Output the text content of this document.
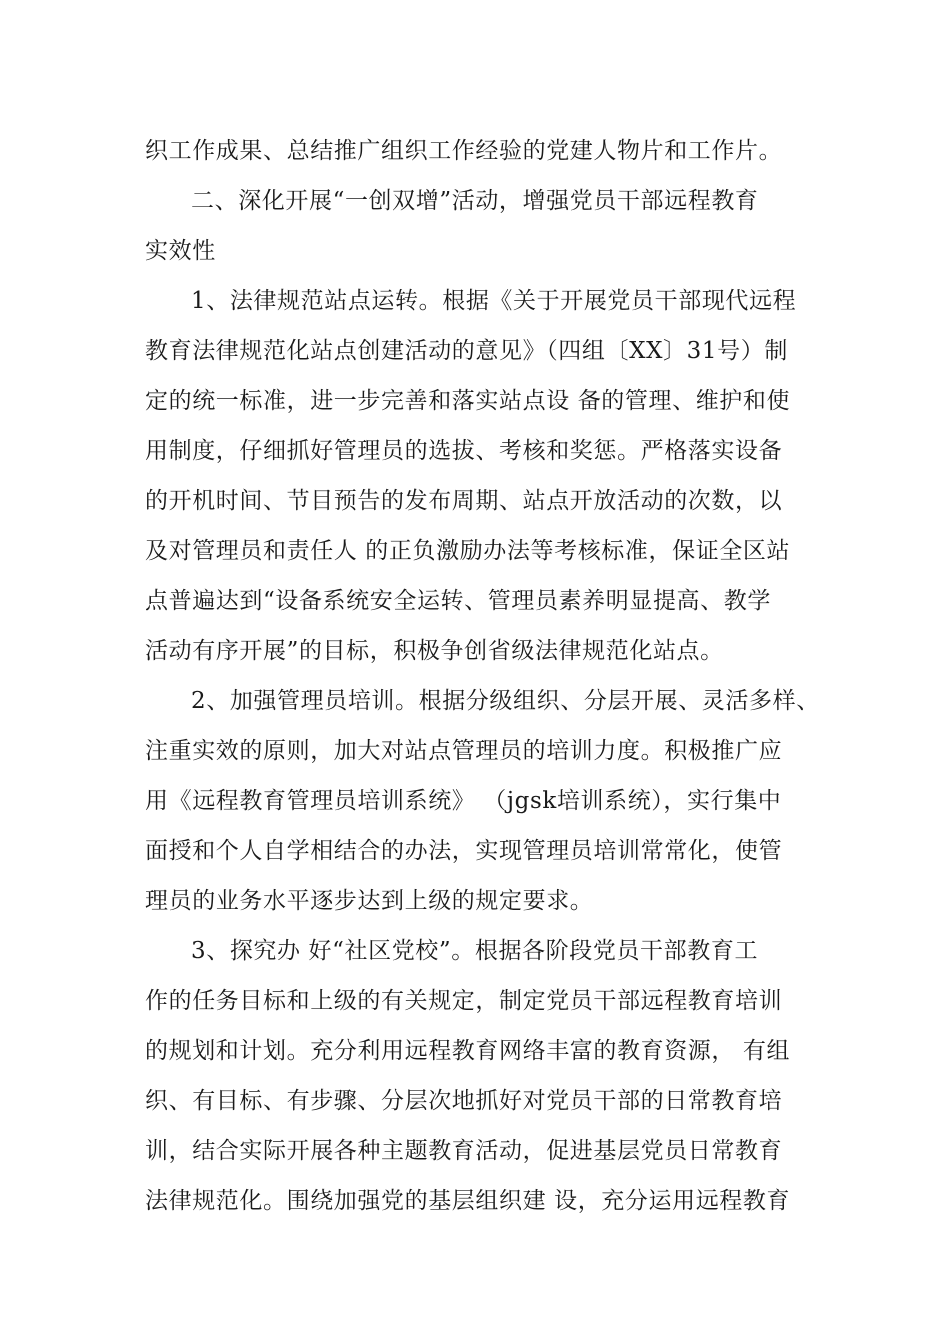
织工作成果、总结推广组织工作经验的党建人物片和工作片。
二、深化开展“一创双增”活动，增强党员干部远程教育
实效性
1、法律规范站点运转。根据《关于开展党员干部现代远程
教育法律规范化站点创建活动的意见》（四组〔XX〕31号）制
定的统一标准，进一步完善和落实站点设 备的管理、维护和使
用制度，仔细抓好管理员的选拔、考核和奖惩。严格落实设备
的开机时间、节目预告的发布周期、站点开放活动的次数，以
及对管理员和责任人 的正负激励办法等考核标准，保证全区站
点普遍达到“设备系统安全运转、管理员素养明显提高、教学
活动有序开展”的目标，积极争创省级法律规范化站点。
2、加强管理员培训。根据分级组织、分层开展、灵活多样、
注重实效的原则，加大对站点管理员的培训力度。积极推广应
用《远程教育管理员培训系统》 （jgsk培训系统），实行集中
面授和个人自学相结合的办法，实现管理员培训常常化，使管
理员的业务水平逐步达到上级的规定要求。
3、探究办 好“社区党校”。根据各阶段党员干部教育工
作的任务目标和上级的有关规定，制定党员干部远程教育培训
的规划和计划。充分利用远程教育网络丰富的教育资源， 有组
织、有目标、有步骤、分层次地抓好对党员干部的日常教育培
训，结合实际开展各种主题教育活动，促进基层党员日常教育
法律规范化。围绕加强党的基层组织建 设，充分运用远程教育
